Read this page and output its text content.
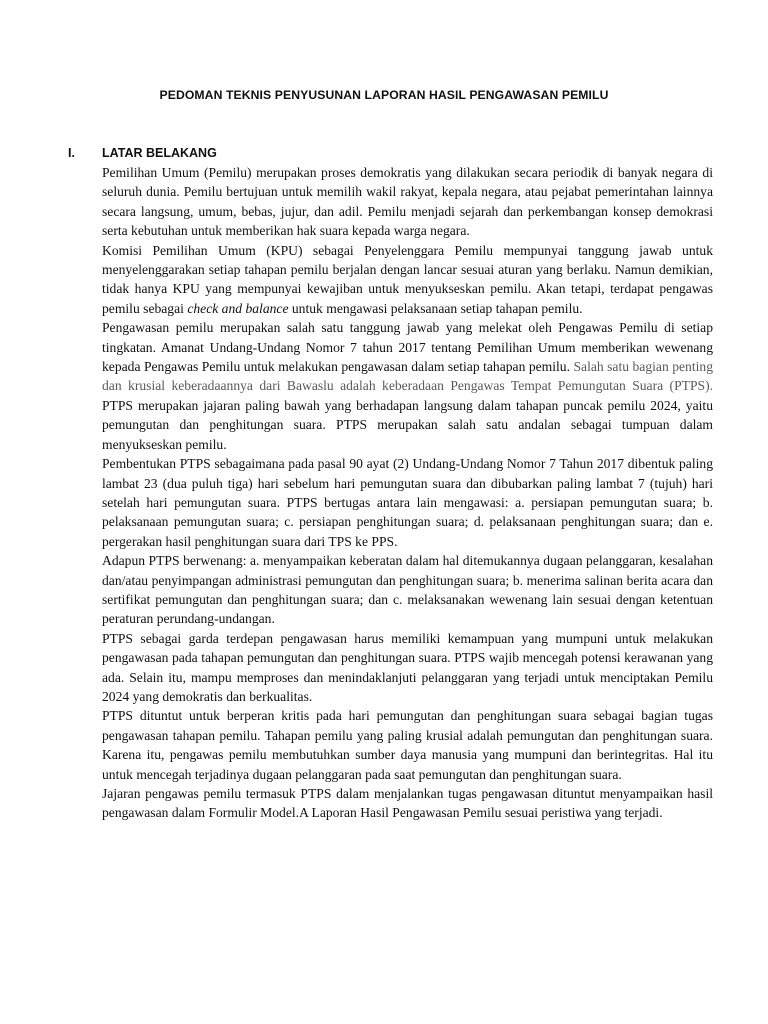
PEDOMAN TEKNIS PENYUSUNAN LAPORAN HASIL PENGAWASAN PEMILU
I. LATAR BELAKANG

Pemilihan Umum (Pemilu) merupakan proses demokratis yang dilakukan secara periodik di banyak negara di seluruh dunia. Pemilu bertujuan untuk memilih wakil rakyat, kepala negara, atau pejabat pemerintahan lainnya secara langsung, umum, bebas, jujur, dan adil. Pemilu menjadi sejarah dan perkembangan konsep demokrasi serta kebutuhan untuk memberikan hak suara kepada warga negara.

Komisi Pemilihan Umum (KPU) sebagai Penyelenggara Pemilu mempunyai tanggung jawab untuk menyelenggarakan setiap tahapan pemilu berjalan dengan lancar sesuai aturan yang berlaku. Namun demikian, tidak hanya KPU yang mempunyai kewajiban untuk menyukseskan pemilu. Akan tetapi, terdapat pengawas pemilu sebagai check and balance untuk mengawasi pelaksanaan setiap tahapan pemilu.

Pengawasan pemilu merupakan salah satu tanggung jawab yang melekat oleh Pengawas Pemilu di setiap tingkatan. Amanat Undang-Undang Nomor 7 tahun 2017 tentang Pemilihan Umum memberikan wewenang kepada Pengawas Pemilu untuk melakukan pengawasan dalam setiap tahapan pemilu. Salah satu bagian penting dan krusial keberadaannya dari Bawaslu adalah keberadaan Pengawas Tempat Pemungutan Suara (PTPS). PTPS merupakan jajaran paling bawah yang berhadapan langsung dalam tahapan puncak pemilu 2024, yaitu pemungutan dan penghitungan suara. PTPS merupakan salah satu andalan sebagai tumpuan dalam menyukseskan pemilu.

Pembentukan PTPS sebagaimana pada pasal 90 ayat (2) Undang-Undang Nomor 7 Tahun 2017 dibentuk paling lambat 23 (dua puluh tiga) hari sebelum hari pemungutan suara dan dibubarkan paling lambat 7 (tujuh) hari setelah hari pemungutan suara. PTPS bertugas antara lain mengawasi: a. persiapan pemungutan suara; b. pelaksanaan pemungutan suara; c. persiapan penghitungan suara; d. pelaksanaan penghitungan suara; dan e. pergerakan hasil penghitungan suara dari TPS ke PPS.

Adapun PTPS berwenang: a. menyampaikan keberatan dalam hal ditemukannya dugaan pelanggaran, kesalahan dan/atau penyimpangan administrasi pemungutan dan penghitungan suara; b. menerima salinan berita acara dan sertifikat pemungutan dan penghitungan suara; dan c. melaksanakan wewenang lain sesuai dengan ketentuan peraturan perundang-undangan.

PTPS sebagai garda terdepan pengawasan harus memiliki kemampuan yang mumpuni untuk melakukan pengawasan pada tahapan pemungutan dan penghitungan suara. PTPS wajib mencegah potensi kerawanan yang ada. Selain itu, mampu memproses dan menindaklanjuti pelanggaran yang terjadi untuk menciptakan Pemilu 2024 yang demokratis dan berkualitas.

PTPS dituntut untuk berperan kritis pada hari pemungutan dan penghitungan suara sebagai bagian tugas pengawasan tahapan pemilu. Tahapan pemilu yang paling krusial adalah pemungutan dan penghitungan suara. Karena itu, pengawas pemilu membutuhkan sumber daya manusia yang mumpuni dan berintegritas. Hal itu untuk mencegah terjadinya dugaan pelanggaran pada saat pemungutan dan penghitungan suara.

Jajaran pengawas pemilu termasuk PTPS dalam menjalankan tugas pengawasan dituntut menyampaikan hasil pengawasan dalam Formulir Model.A Laporan Hasil Pengawasan Pemilu sesuai peristiwa yang terjadi.
